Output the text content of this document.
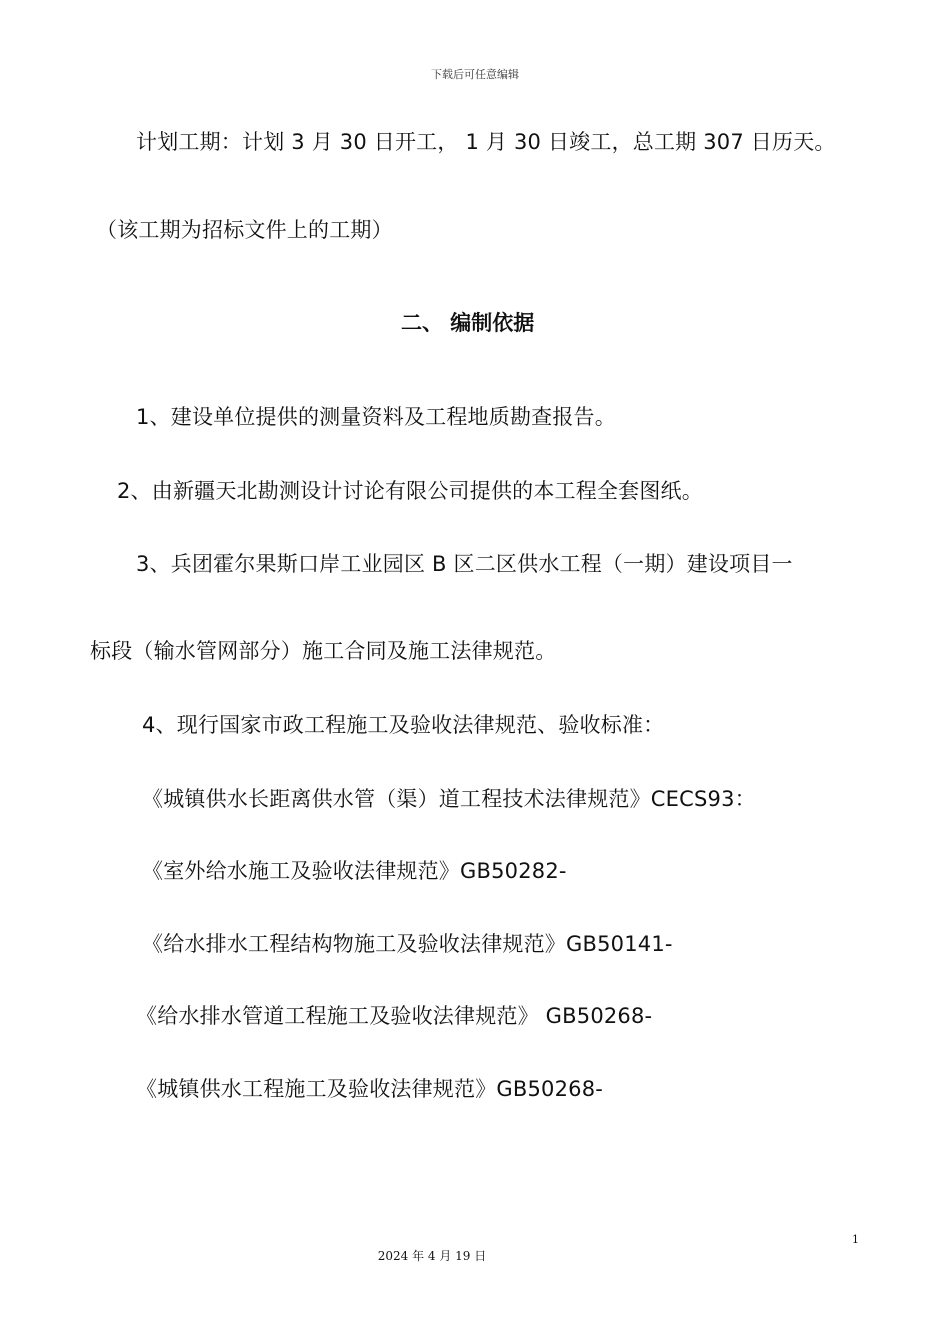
下载后可任意编辑
计划工期：计划 3 月 30 日开工， 1 月 30 日竣工，总工期 307 日历天。
（该工期为招标文件上的工期）
二、 编制依据
1、建设单位提供的测量资料及工程地质勘查报告。
2、由新疆天北勘测设计讨论有限公司提供的本工程全套图纸。
3、兵团霍尔果斯口岸工业园区 B 区二区供水工程（一期）建设项目一
标段（输水管网部分）施工合同及施工法律规范。
4、现行国家市政工程施工及验收法律规范、验收标准：
《城镇供水长距离供水管（渠）道工程技术法律规范》CECS93：
《室外给水施工及验收法律规范》GB50282-
《给水排水工程结构物施工及验收法律规范》GB50141-
《给水排水管道工程施工及验收法律规范》 GB50268-
《城镇供水工程施工及验收法律规范》GB50268-
1
2024 年 4 月 19 日
